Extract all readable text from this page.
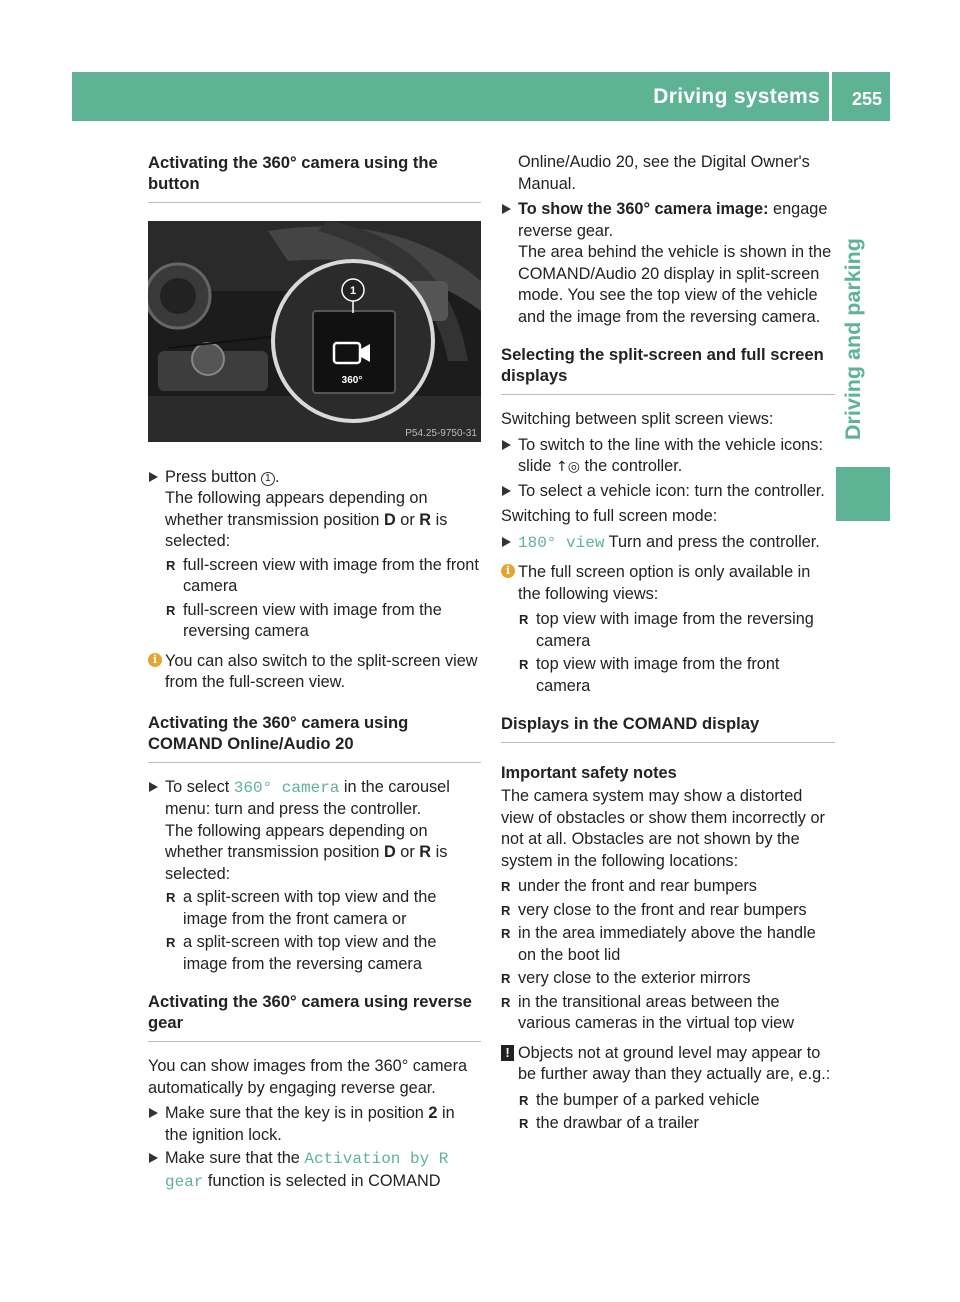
Driving systems 255
Driving and parking
Activating the 360° camera using the button
360°
1
P54.25-9750-31
Press button 1 .
The following appears depending on whether transmission position D or R is selected:
R full-screen view with image from the front camera
R full-screen view with image from the reversing camera
i You can also switch to the split-screen view from the full-screen view.
Activating the 360° camera using COMAND Online/Audio 20
To select 360° camera in the carousel menu: turn and press the controller.
The following appears depending on whether transmission position D or R is selected:
R a split-screen with top view and the image from the front camera or
R a split-screen with top view and the image from the reversing camera
Activating the 360° camera using reverse gear

You can show images from the 360° camera automatically by engaging reverse gear.

Make sure that the key is in position 2 in the ignition lock.
Make sure that the Activation by R gear function is selected in COMAND

Online/Audio 20, see the Digital Owner's Manual.

To show the 360° camera image: engage reverse gear.
The area behind the vehicle is shown in the COMAND/Audio 20 display in split-screen mode. You see the top view of the vehicle and the image from the reversing camera.
Selecting the split-screen and full screen displays

Switching between split screen views:

To switch to the line with the vehicle icons: slide ↑◎ the controller.
To select a vehicle icon: turn the controller.

Switching to full screen mode:

180° view Turn and press the controller.
i The full screen option is only available in the following views:
R top view with image from the reversing camera
R top view with image from the front camera
Displays in the COMAND display
Important safety notes

The camera system may show a distorted view of obstacles or show them incorrectly or not at all. Obstacles are not shown by the system in the following locations:

R under the front and rear bumpers
R very close to the front and rear bumpers
R in the area immediately above the handle on the boot lid
R very close to the exterior mirrors
R in the transitional areas between the various cameras in the virtual top view
! Objects not at ground level may appear to be further away than they actually are, e.g.:
R the bumper of a parked vehicle
R the drawbar of a trailer
